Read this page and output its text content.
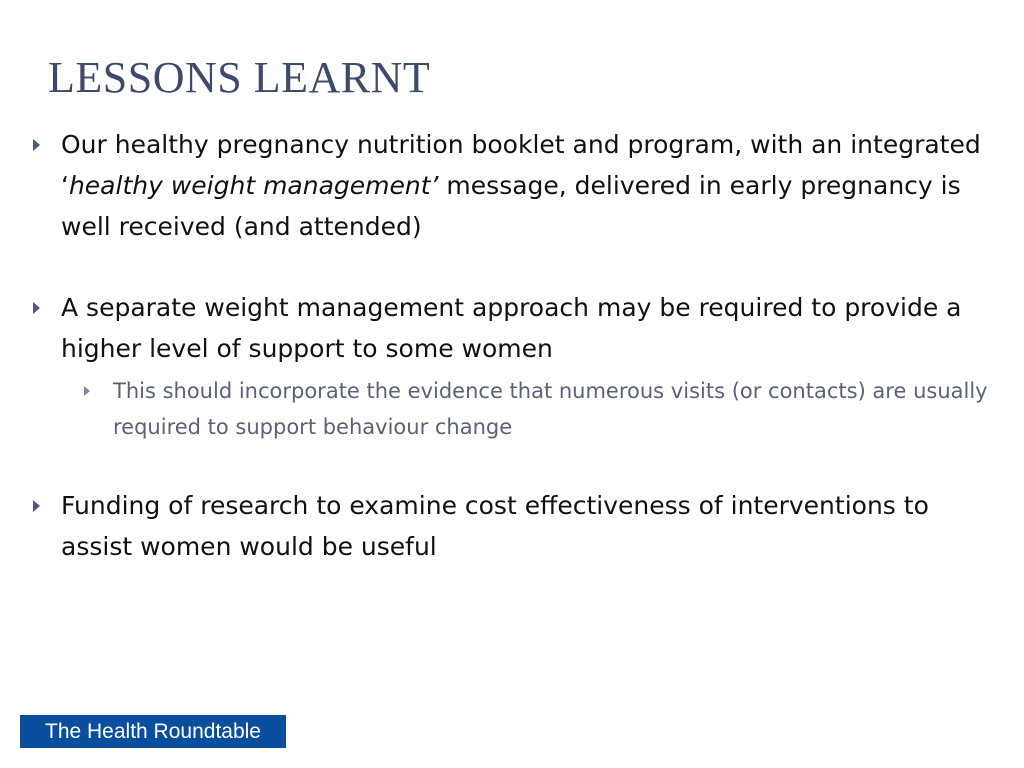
LESSONS LEARNT
Our healthy pregnancy nutrition booklet and program, with an integrated ‘healthy weight management’ message, delivered in early pregnancy is well received (and attended)
A separate weight management approach may be required to provide a higher level of support to some women
This should incorporate the evidence that numerous visits (or contacts) are usually required to support behaviour change
Funding of research to examine cost effectiveness of interventions to assist women would be useful
The Health Roundtable
